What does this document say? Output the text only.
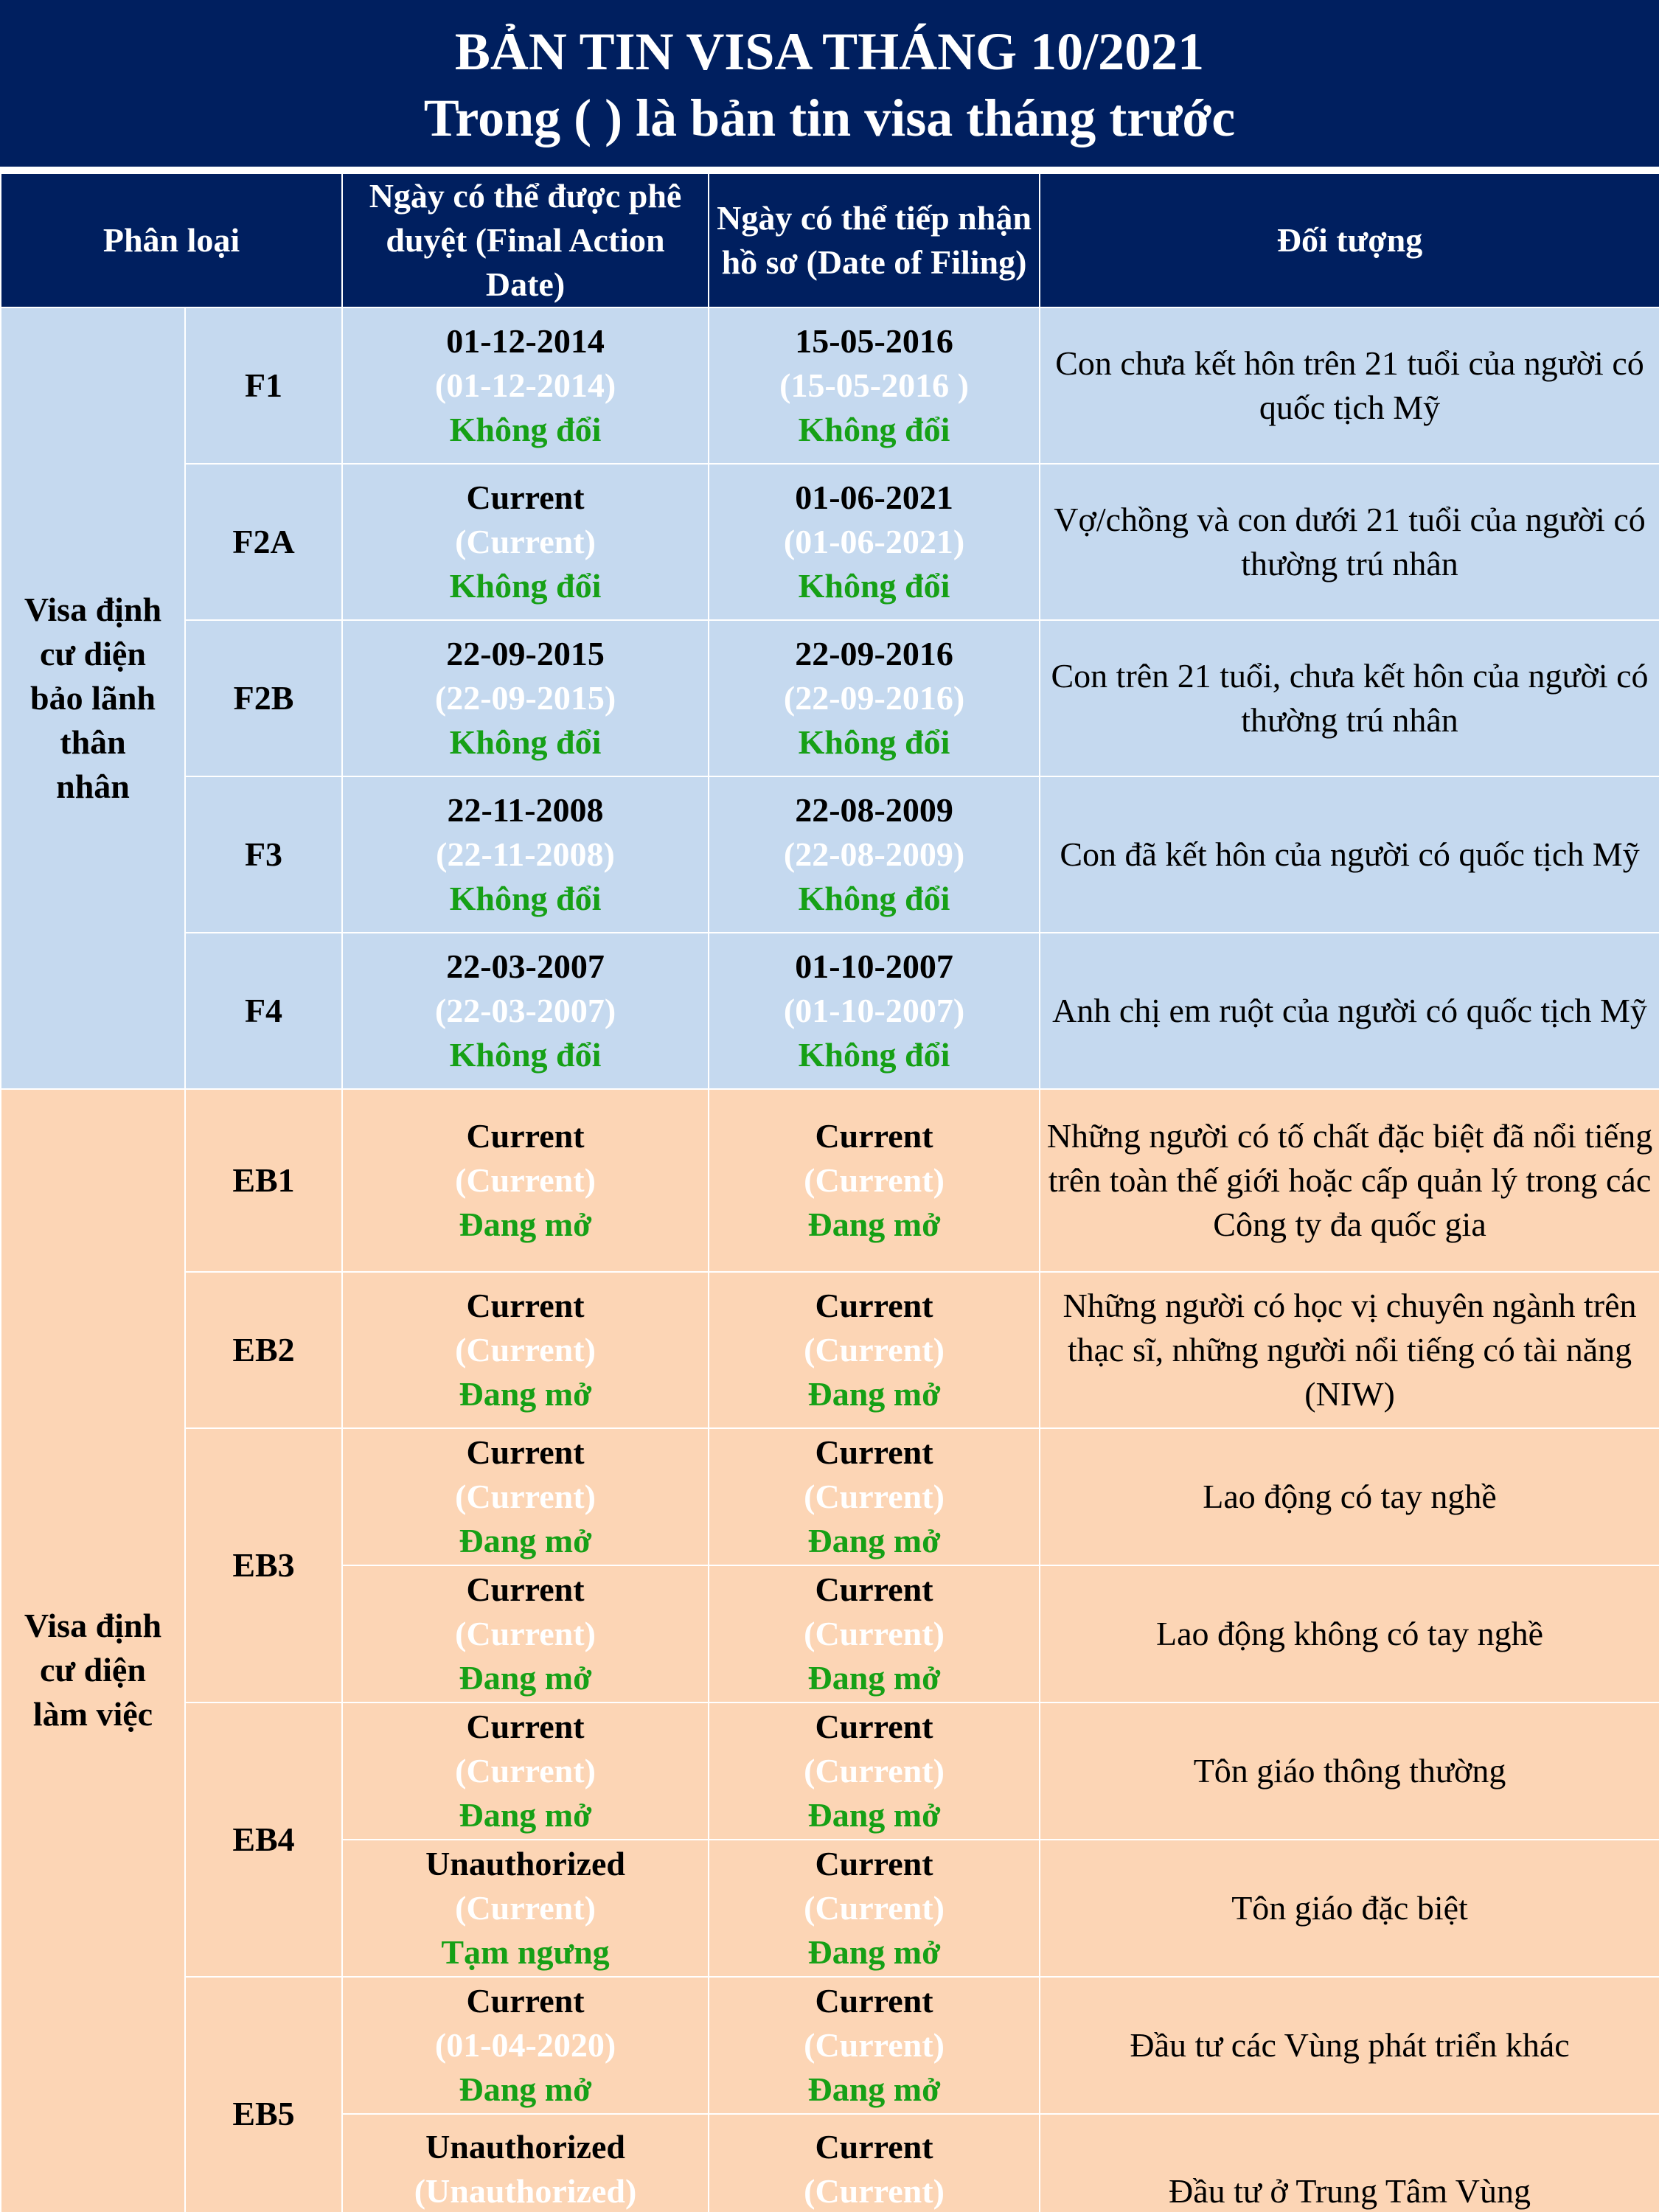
BẢN TIN VISA THÁNG 10/2021
Trong ( ) là bản tin visa tháng trước
Phân loại		Ngày có thể được phê duyệt (Final Action Date)	Ngày có thể tiếp nhận hồ sơ (Date of Filing)	Đối tượng

Visa định cư diện bảo lãnh thân nhân	F1	01-12-2014
(01-12-2014)
Không đổi	15-05-2016
(15-05-2016 )
Không đổi	Con chưa kết hôn trên 21 tuổi của người có quốc tịch Mỹ
	F2A	Current
(Current)
Không đổi	01-06-2021
(01-06-2021)
Không đổi	Vợ/chồng và con dưới 21 tuổi của người có thường trú nhân
	F2B	22-09-2015
(22-09-2015)
Không đổi	22-09-2016
(22-09-2016)
Không đổi	Con trên 21 tuổi, chưa kết hôn của người có thường trú nhân
	F3	22-11-2008
(22-11-2008)
Không đổi	22-08-2009
(22-08-2009)
Không đổi	Con đã kết hôn của người có quốc tịch Mỹ
	F4	22-03-2007
(22-03-2007)
Không đổi	01-10-2007
(01-10-2007)
Không đổi	Anh chị em ruột của người có quốc tịch Mỹ

Visa định cư diện làm việc	EB1	Current
(Current)
Đang mở	Current
(Current)
Đang mở	Những người có tố chất đặc biệt đã nổi tiếng trên toàn thế giới hoặc cấp quản lý trong các Công ty đa quốc gia
	EB2	Current
(Current)
Đang mở	Current
(Current)
Đang mở	Những người có học vị chuyên ngành trên thạc sĩ, những người nổi tiếng có tài năng (NIW)
	EB3	Current
(Current)
Đang mở	Current
(Current)
Đang mở	Lao động có tay nghề

		Current
(Current)
Đang mở	Current
(Current)
Đang mở	Lao động không có tay nghề
	EB4	Current
(Current)
Đang mở	Current
(Current)
Đang mở	Tôn giáo thông thường

		Unauthorized
(Current)
Tạm ngưng	Current
(Current)
Đang mở	Tôn giáo đặc biệt
	EB5	Current
(01-04-2020)
Đang mở	Current
(Current)
Đang mở	Đầu tư các Vùng phát triển khác

		Unauthorized
(Unauthorized)	Current
(Current)	Đầu tư ở Trung Tâm Vùng
